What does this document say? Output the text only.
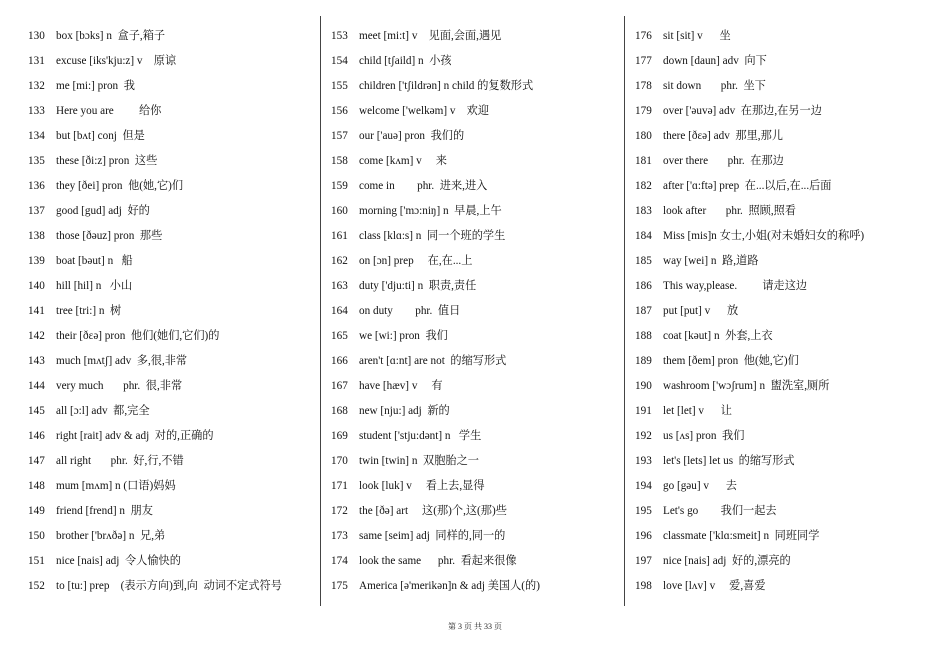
130	box [bɔks] n  盒子,箱子
131	excuse [iks'kju:z] v    原谅
132	me [mi:] pron  我
133	Here you are         给你
134	but [bʌt] conj  但是
135	these [ði:z] pron  这些
136	they [ðei] pron  他(她,它)们
137	good [gud] adj  好的
138	those [ðəuz] pron  那些
139	boat [bəut] n   船
140	hill [hil] n   小山
141	tree [tri:] n  树
142	their [ðɛə] pron  他们(她们,它们)的
143	much [mʌtʃ] adv  多,很,非常
144	very much       phr.  很,非常
145	all [ɔ:l] adv  都,完全
146	right [rait] adv & adj  对的,正确的
147	all right       phr.  好,行,不错
148	mum [mʌm] n (口语)妈妈
149	friend [frend] n  朋友
150	brother ['brʌðə] n  兄,弟
151	nice [nais] adj  令人愉快的
152	to [tu:] prep    (表示方向)到,向  动词不定式符号
153	meet [mi:t] v    见面,会面,遇见
154	child [tʃaild] n  小孩
155	children ['tʃildrən] n child 的复数形式
156	welcome ['welkəm] v    欢迎
157	our ['auə] pron  我们的
158	come [kʌm] v     来
159	come in        phr.  进来,进入
160	morning ['mɔ:niŋ] n  早晨,上午
161	class [klɑ:s] n  同一个班的学生
162	on [ɔn] prep     在,在...上
163	duty ['dju:ti] n  职责,责任
164	on duty        phr.  值日
165	we [wi:] pron  我们
166	aren't [ɑ:nt] are not  的缩写形式
167	have [hæv] v     有
168	new [nju:] adj  新的
169	student ['stju:dənt] n   学生
170	twin [twin] n  双胞胎之一
171	look [luk] v     看上去,显得
172	the [ðə] art     这(那)个,这(那)些
173	same [seim] adj  同样的,同一的
174	look the same      phr.  看起来很像
175	America [ə'merikən]n & adj 美国人(的)
176	sit [sit] v      坐
177	down [daun] adv  向下
178	sit down       phr.  坐下
179	over ['əuvə] adv  在那边,在另一边
180	there [ðɛə] adv  那里,那儿
181	over there       phr.  在那边
182	after ['ɑ:ftə] prep  在...以后,在...后面
183	look after       phr.  照顾,照看
184	Miss [mis]n 女士,小姐(对未婚妇女的称呼)
185	way [wei] n  路,道路
186	This way,please.         请走这边
187	put [put] v      放
188	coat [kəut] n  外套,上衣
189	them [ðem] pron  他(她,它)们
190	washroom ['wɔʃrum] n  盥洗室,厕所
191	let [let] v      让
192	us [ʌs] pron  我们
193	let's [lets] let us  的缩写形式
194	go [gəu] v      去
195	Let's go        我们一起去
196	classmate ['klɑ:smeit] n  同班同学
197	nice [nais] adj  好的,漂亮的
198	love [lʌv] v     爱,喜爱
第 3 页 共 33 页
